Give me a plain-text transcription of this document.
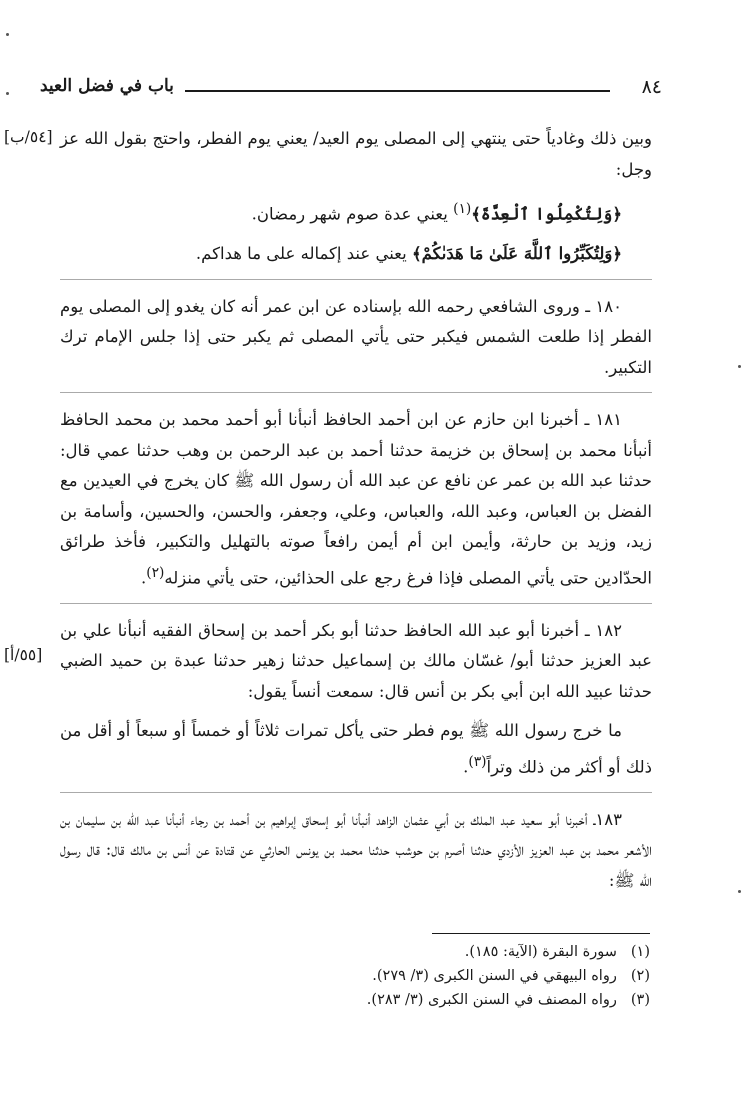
٨٤
باب في فضل العيد
[٥٤/ب]
[٥٥/أ]

وبين ذلك وغادياً حتى ينتهي إلى المصلى يوم العيد/ يعني يوم الفطر، واحتج بقول الله عز وجل:

﴿وَلِتُكْمِلُوا ٱلْعِدَّةَ﴾$^{(١)}$ يعني عدة صوم شهر رمضان.

﴿وَلِتُكَبِّرُوا ٱللَّهَ عَلَىٰ مَا هَدَىٰكُمْ﴾ يعني عند إكماله على ما هداكم.

١٨٠ ـ وروى الشافعي رحمه الله بإسناده عن ابن عمر أنه كان يغدو إلى المصلى يوم الفطر إذا طلعت الشمس فيكبر حتى يأتي المصلى ثم يكبر حتى إذا جلس الإمام ترك التكبير.

١٨١ ـ أخبرنا ابن حازم عن ابن أحمد الحافظ أنبأنا أبو أحمد محمد بن محمد الحافظ أنبأنا محمد بن إسحاق بن خزيمة حدثنا أحمد بن عبد الرحمن بن وهب حدثنا عمي قال: حدثنا عبد الله بن عمر عن نافع عن عبد الله أن رسول الله ﷺ كان يخرج في العيدين مع الفضل بن العباس، وعبد الله، والعباس، وعلي، وجعفر، والحسن، والحسين، وأسامة بن زيد، وزيد بن حارثة، وأيمن ابن أم أيمن رافعاً صوته بالتهليل والتكبير، فأخذ طرائق الحدّادين حتى يأتي المصلى فإذا فرغ رجع على الحذائين، حتى يأتي منزله$^{(٢)}$.

١٨٢ ـ أخبرنا أبو عبد الله الحافظ حدثنا أبو بكر أحمد بن إسحاق الفقيه أنبأنا علي بن عبد العزيز حدثنا أبو/ غسّان مالك بن إسماعيل حدثنا زهير حدثنا عبدة بن حميد الضبي حدثنا عبيد الله ابن أبي بكر بن أنس قال: سمعت أنساً يقول:

ما خرج رسول الله ﷺ يوم فطر حتى يأكل تمرات ثلاثاً أو خمساً أو سبعاً أو أقل من ذلك أو أكثر من ذلك وتراً$^{(٣)}$.

١٨٣ـ أخبرنا أبو سعيد عبد الملك بن أبي عثمان الزاهد أنبأنا أبو إسحاق إبراهيم بن أحمد بن رجاء أنبأنا عبد الله بن سليمان بن الأشعر محمد بن عبد العزيز الأزدي حدثنا أصرم بن حوشب حدثنا محمد بن يونس الحارثي عن قتادة عن أنس بن مالك قال: قال رسول الله ﷺ:

(١)سورة البقرة (الآية: ١٨٥).
(٢)رواه البيهقي في السنن الكبرى (٣/ ٢٧٩).
(٣)رواه المصنف في السنن الكبرى (٣/ ٢٨٣).
